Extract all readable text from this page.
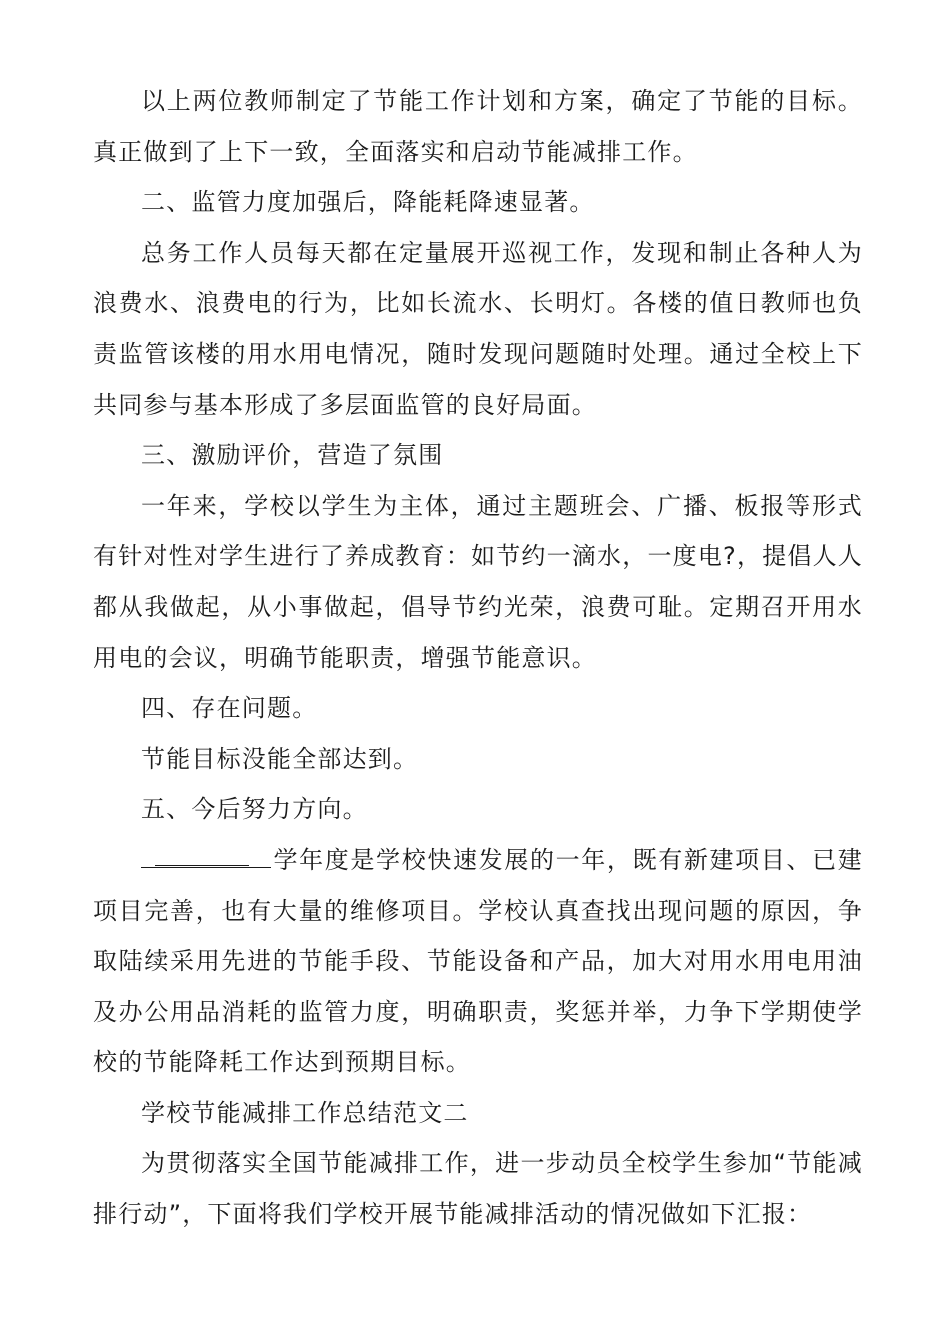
以上两位教师制定了节能工作计划和方案，确定了节能的目标。真正做到了上下一致，全面落实和启动节能减排工作。

二、监管力度加强后，降能耗降速显著。

总务工作人员每天都在定量展开巡视工作，发现和制止各种人为浪费水、浪费电的行为，比如长流水、长明灯。各楼的值日教师也负责监管该楼的用水用电情况，随时发现问题随时处理。通过全校上下共同参与基本形成了多层面监管的良好局面。

三、激励评价，营造了氛围

一年来，学校以学生为主体，通过主题班会、广播、板报等形式有针对性对学生进行了养成教育：如节约一滴水，一度电?，提倡人人都从我做起，从小事做起，倡导节约光荣，浪费可耻。定期召开用水用电的会议，明确节能职责，增强节能意识。

四、存在问题。

节能目标没能全部达到。

五、今后努力方向。

学年度是学校快速发展的一年，既有新建项目、已建项目完善，也有大量的维修项目。学校认真查找出现问题的原因，争取陆续采用先进的节能手段、节能设备和产品，加大对用水用电用油及办公用品消耗的监管力度，明确职责，奖惩并举，力争下学期使学校的节能降耗工作达到预期目标。

学校节能减排工作总结范文二

为贯彻落实全国节能减排工作，进一步动员全校学生参加“节能减排行动”，下面将我们学校开展节能减排活动的情况做如下汇报：
